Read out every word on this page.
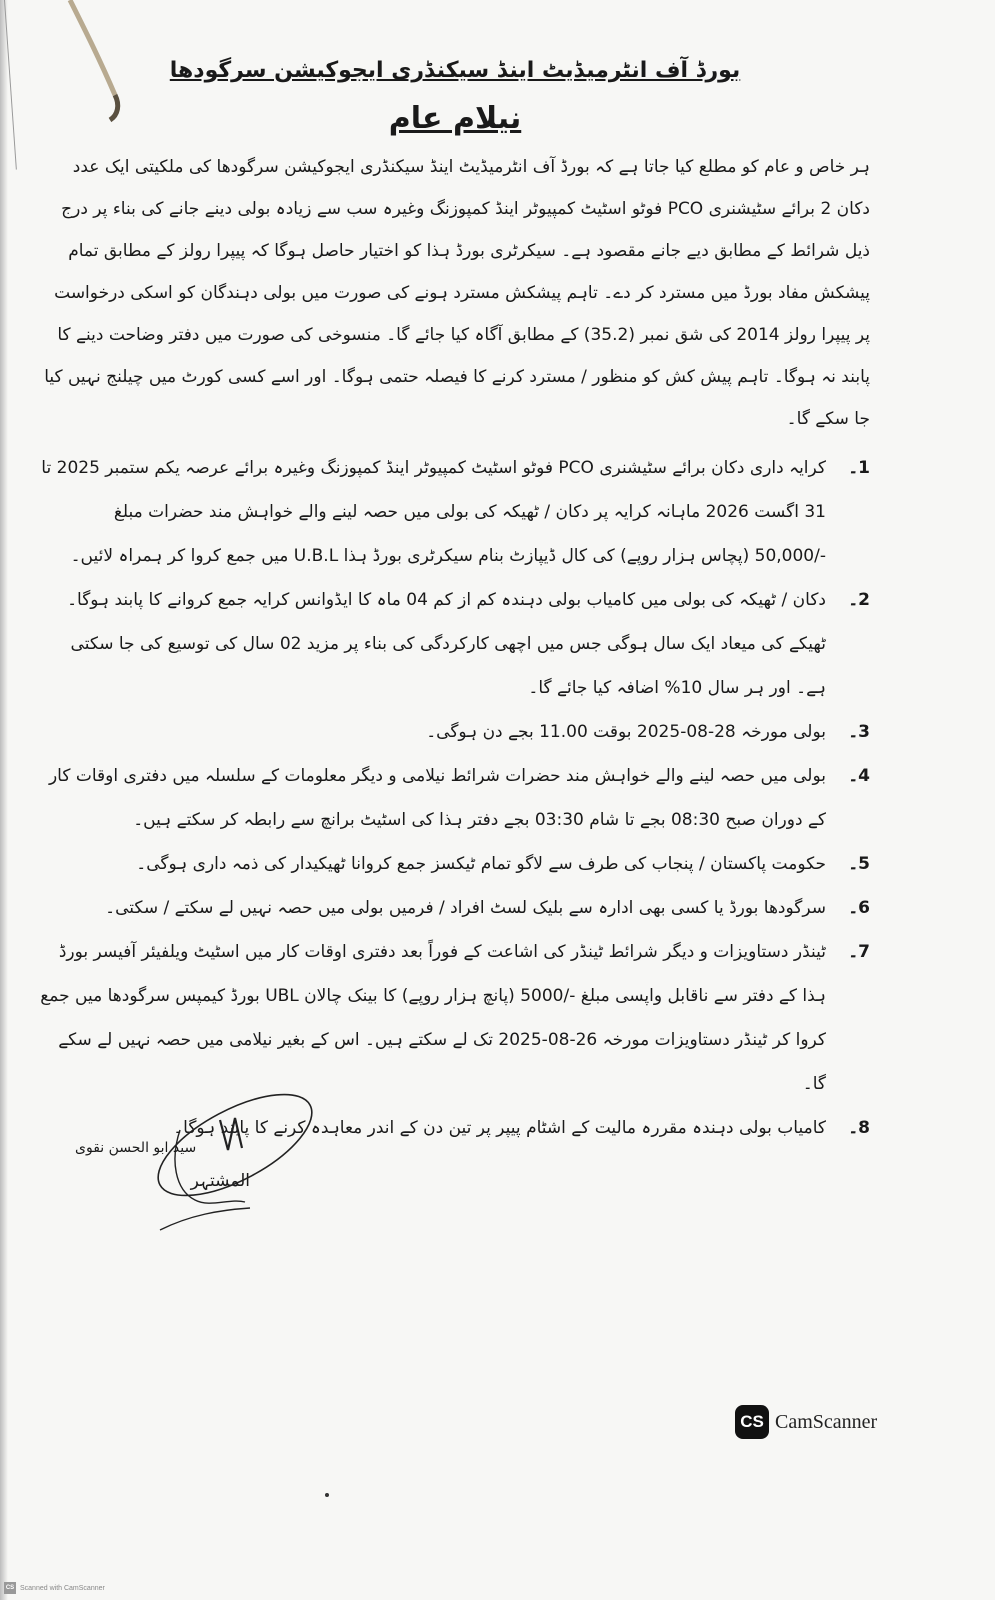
بورڈ آف انٹرمیڈیٹ اینڈ سیکنڈری ایجوکیشن سرگودھا
نیلام عام

ہر خاص و عام کو مطلع کیا جاتا ہے کہ بورڈ آف انٹرمیڈیٹ اینڈ سیکنڈری ایجوکیشن سرگودھا کی ملکیتی ایک عدد دکان 2 برائے سٹیشنری PCO فوٹو اسٹیٹ کمپیوٹر اینڈ کمپوزنگ وغیرہ سب سے زیادہ بولی دینے جانے کی بناء پر درج ذیل شرائط کے مطابق دیے جانے مقصود ہے۔ سیکرٹری بورڈ ہذا کو اختیار حاصل ہوگا کہ پیپرا رولز کے مطابق تمام پیشکش مفاد بورڈ میں مسترد کر دے۔ تاہم پیشکش مسترد ہونے کی صورت میں بولی دہندگان کو اسکی درخواست پر پیپرا رولز 2014 کی شق نمبر (35.2) کے مطابق آگاہ کیا جائے گا۔ منسوخی کی صورت میں دفتر وضاحت دینے کا پابند نہ ہوگا۔ تاہم پیش کش کو منظور / مسترد کرنے کا فیصلہ حتمی ہوگا۔ اور اسے کسی کورٹ میں چیلنج نہیں کیا جا سکے گا۔

1۔
کرایہ داری دکان برائے سٹیشنری PCO فوٹو اسٹیٹ کمپیوٹر اینڈ کمپوزنگ وغیرہ برائے عرصہ یکم ستمبر 2025 تا 31 اگست 2026 ماہانہ کرایہ پر دکان / ٹھیکہ کی بولی میں حصہ لینے والے خواہش مند حضرات مبلغ -/50,000 (پچاس ہزار روپے) کی کال ڈیپازٹ بنام سیکرٹری بورڈ ہذا U.B.L میں جمع کروا کر ہمراہ لائیں۔
2۔
دکان / ٹھیکہ کی بولی میں کامیاب بولی دہندہ کم از کم 04 ماہ کا ایڈوانس کرایہ جمع کروانے کا پابند ہوگا۔ ٹھیکے کی میعاد ایک سال ہوگی جس میں اچھی کارکردگی کی بناء پر مزید 02 سال کی توسیع کی جا سکتی ہے۔ اور ہر سال 10% اضافہ کیا جائے گا۔
3۔
بولی مورخہ 28-08-2025 بوقت 11.00 بجے دن ہوگی۔
4۔
بولی میں حصہ لینے والے خواہش مند حضرات شرائط نیلامی و دیگر معلومات کے سلسلہ میں دفتری اوقات کار کے دوران صبح 08:30 بجے تا شام 03:30 بجے دفتر ہذا کی اسٹیٹ برانچ سے رابطہ کر سکتے ہیں۔
5۔
حکومت پاکستان / پنجاب کی طرف سے لاگو تمام ٹیکسز جمع کروانا ٹھیکیدار کی ذمہ داری ہوگی۔
6۔
سرگودھا بورڈ یا کسی بھی ادارہ سے بلیک لسٹ افراد / فرمیں بولی میں حصہ نہیں لے سکتے / سکتی۔
7۔
ٹینڈر دستاویزات و دیگر شرائط ٹینڈر کی اشاعت کے فوراً بعد دفتری اوقات کار میں اسٹیٹ ویلفیئر آفیسر بورڈ ہذا کے دفتر سے ناقابل واپسی مبلغ -/5000 (پانچ ہزار روپے) کا بینک چالان UBL بورڈ کیمپس سرگودھا میں جمع کروا کر ٹینڈر دستاویزات مورخہ 26-08-2025 تک لے سکتے ہیں۔ اس کے بغیر نیلامی میں حصہ نہیں لے سکے گا۔
8۔
کامیاب بولی دہندہ مقررہ مالیت کے اشٹام پیپر پر تین دن کے اندر معاہدہ کرنے کا پابند ہوگا۔
المشتہر
سید ابو الحسن نقوی
CS CamScanner
CS Scanned with CamScanner
